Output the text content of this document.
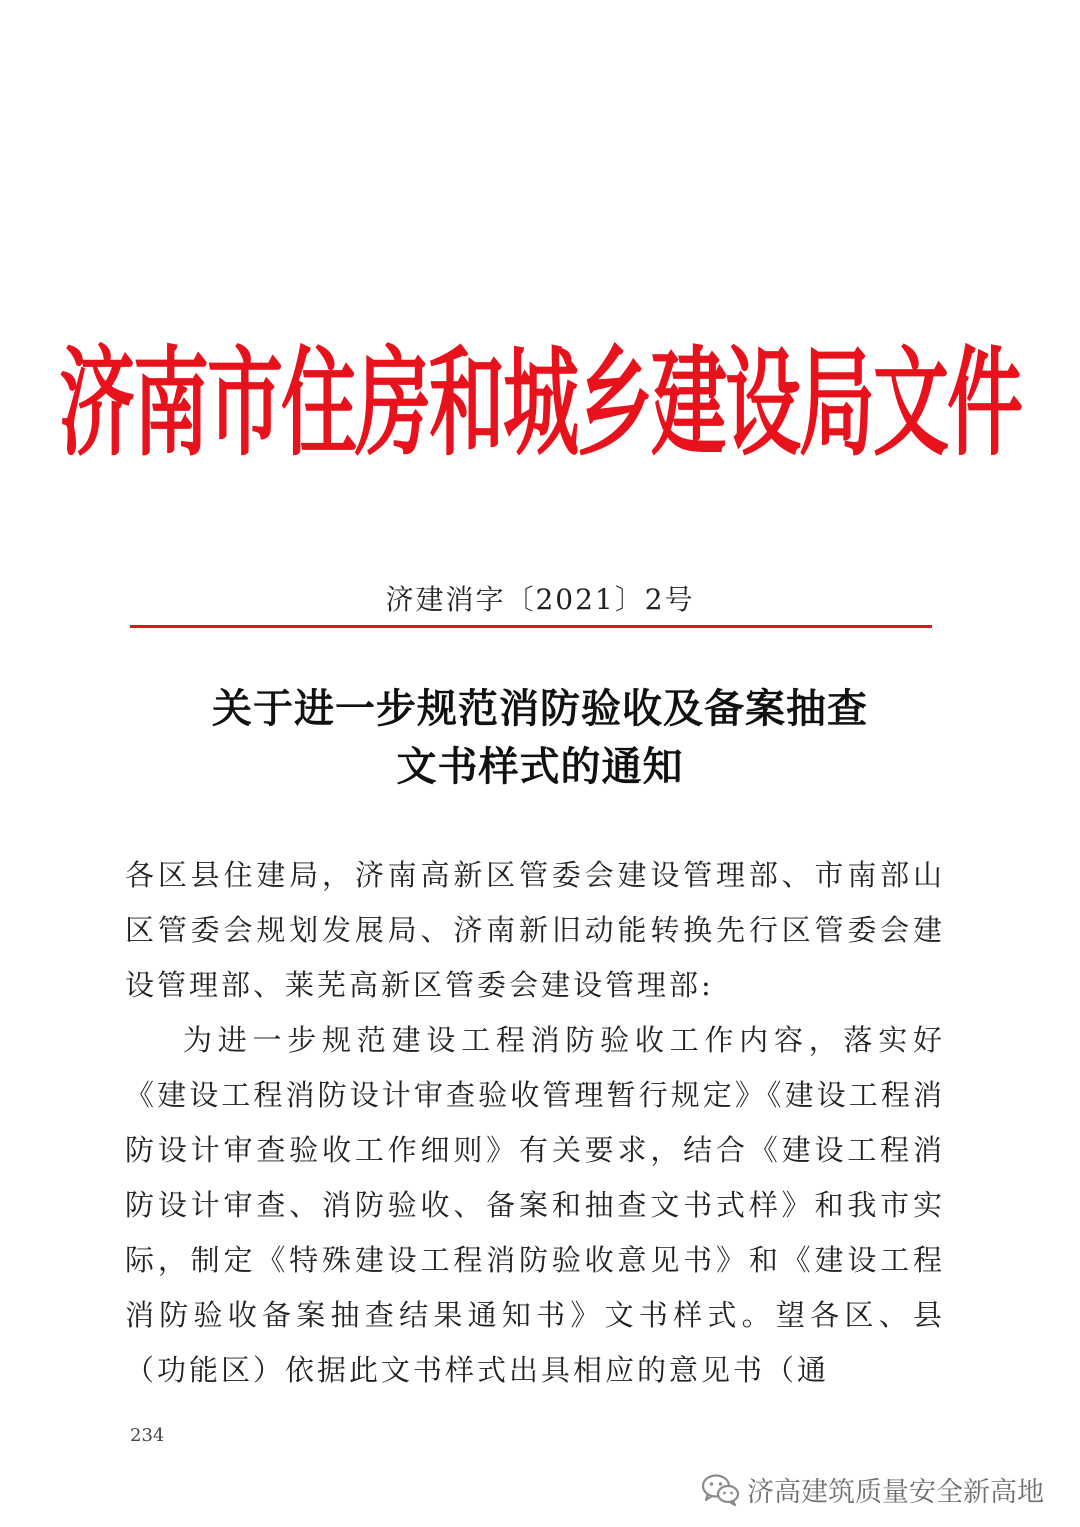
济南市住房和城乡建设局文件
济建消字〔2021〕2号
关于进一步规范消防验收及备案抽查
文书样式的通知

各区县住建局，济南高新区管委会建设管理部、市南部山区管委会规划发展局、济南新旧动能转换先行区管委会建设管理部、莱芜高新区管委会建设管理部:

为进一步规范建设工程消防验收工作内容，落实好《建设工程消防设计审查验收管理暂行规定》《建设工程消防设计审查验收工作细则》有关要求，结合《建设工程消防设计审查、消防验收、备案和抽查文书式样》和我市实际，制定《特殊建设工程消防验收意见书》和《建设工程消防验收备案抽查结果通知书》文书样式。望各区、县（功能区）依据此文书样式出具相应的意见书（通

234
济高建筑质量安全新高地
